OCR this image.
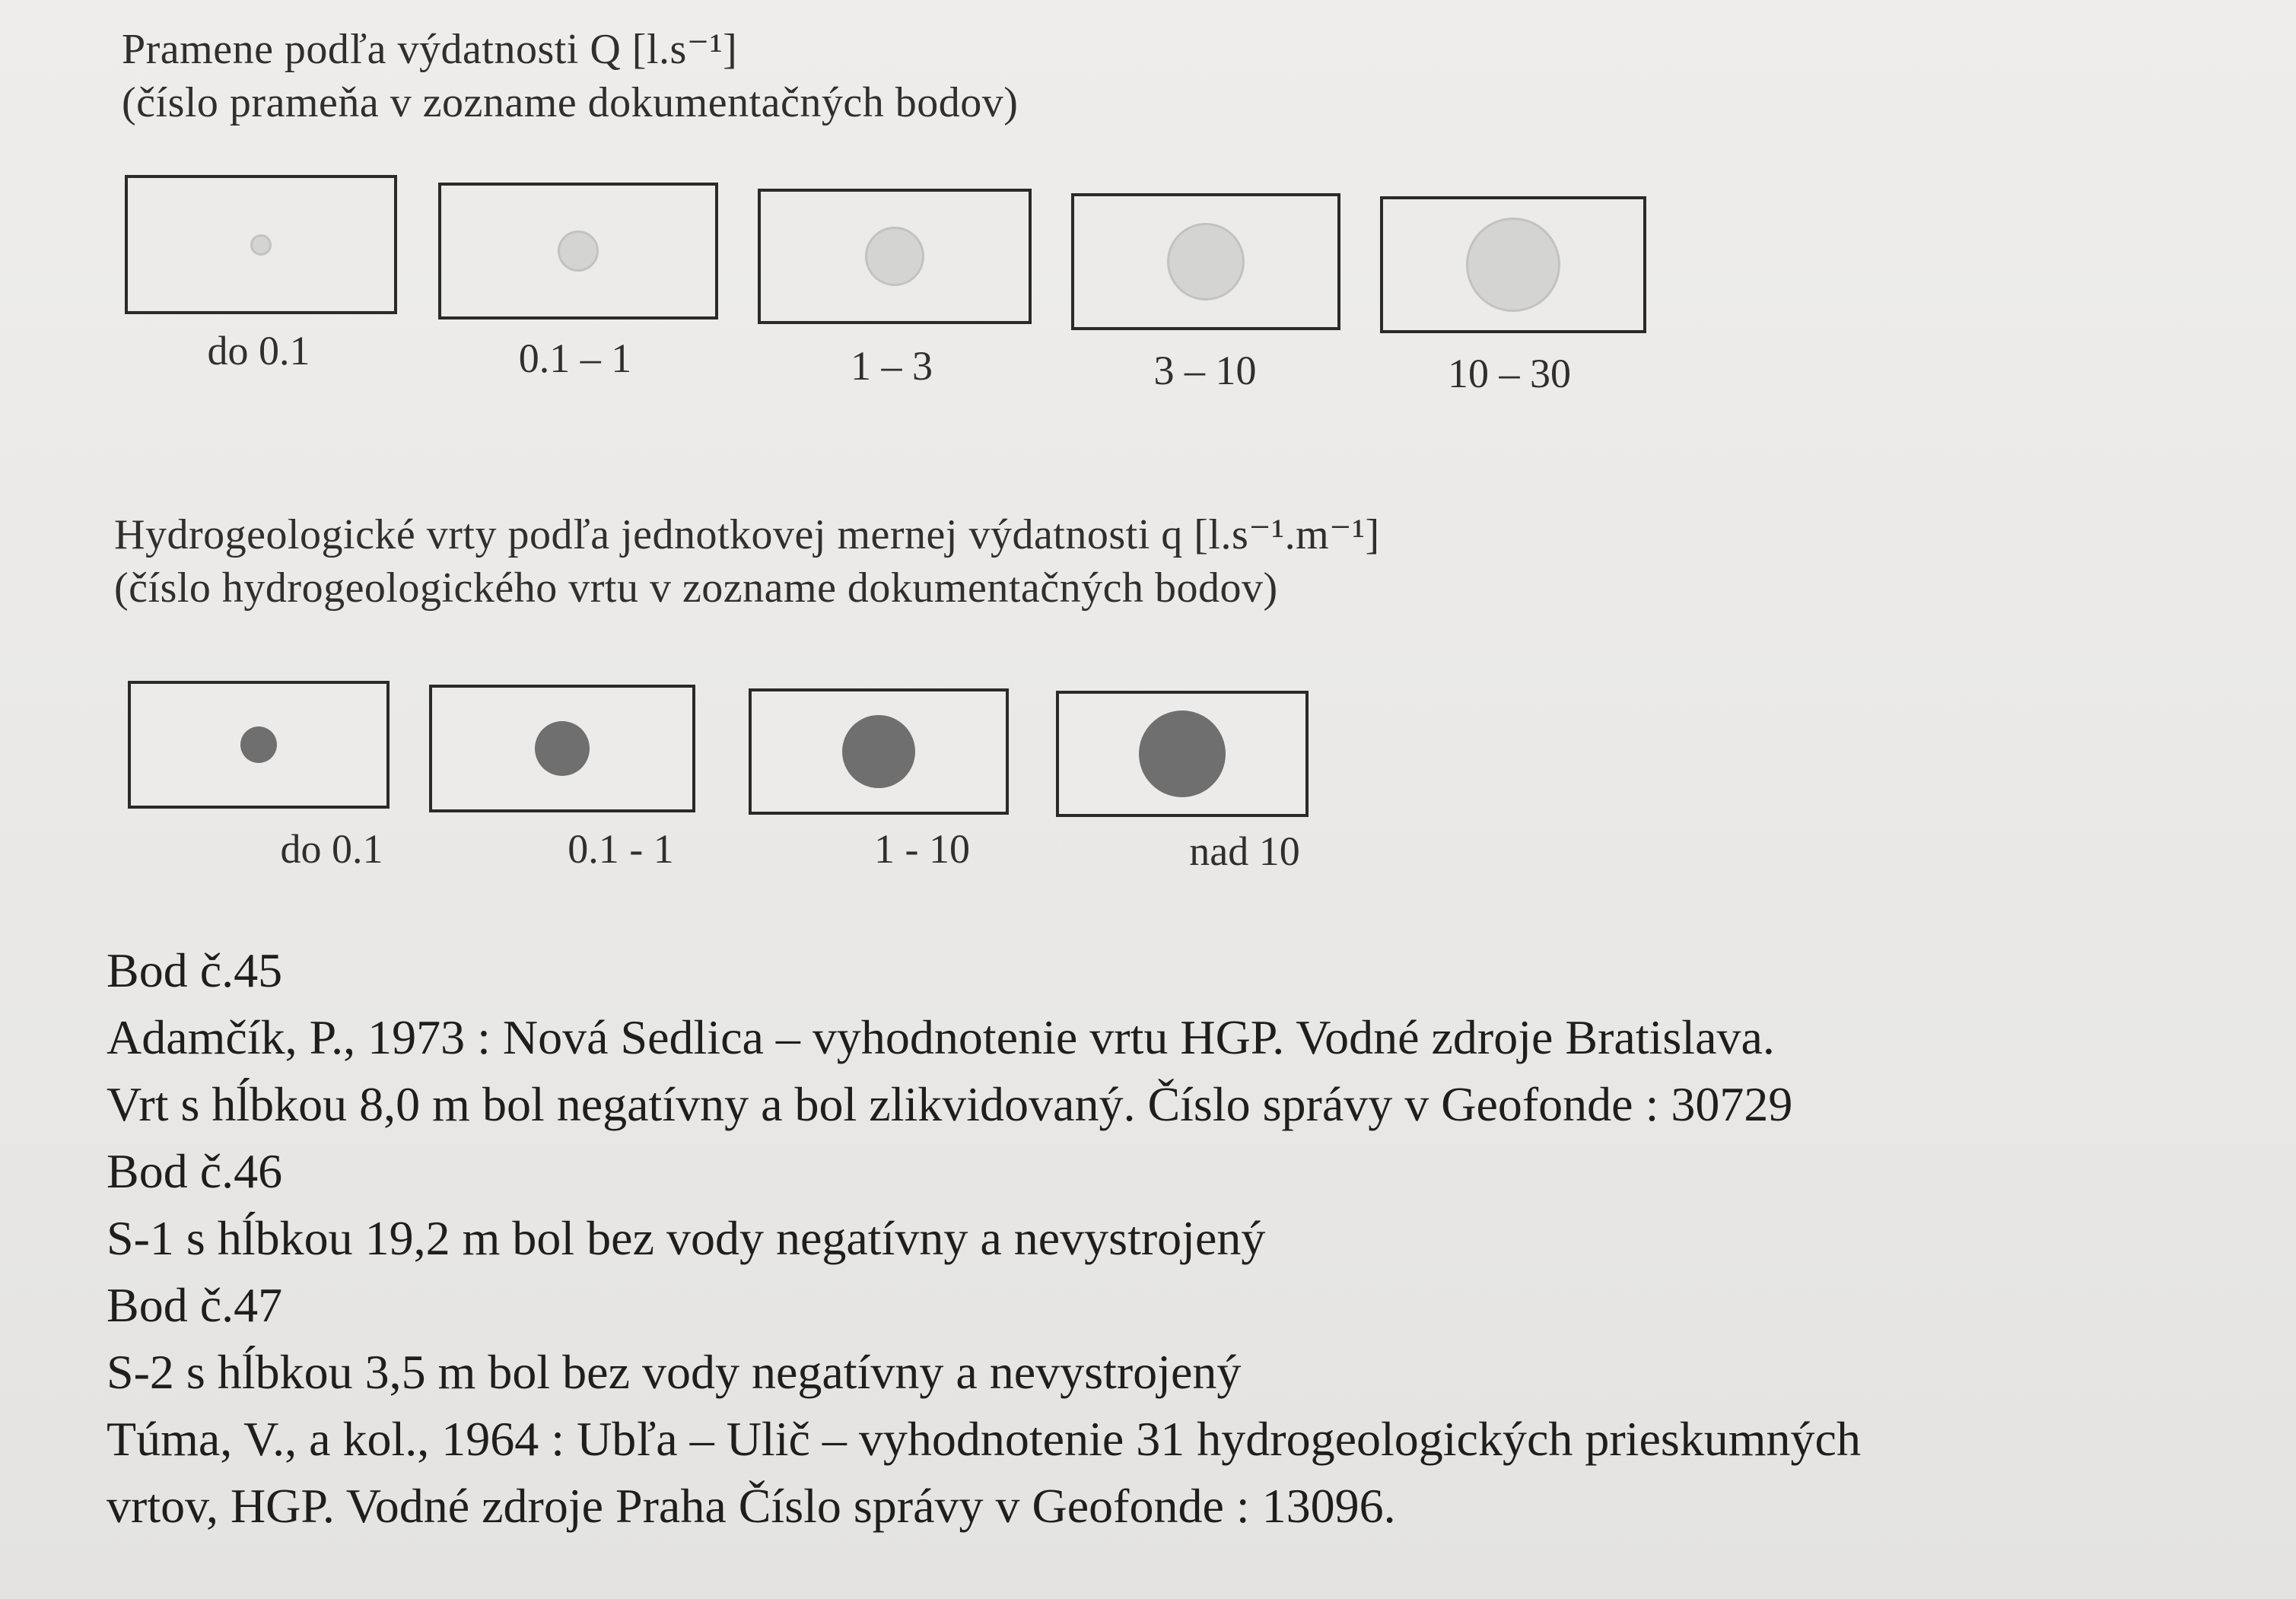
Pramene podľa výdatnosti Q [l.s⁻¹]
(číslo prameňa v zozname dokumentačných bodov)
do 0.1	0.1 – 1	1 – 3	3 – 10	10 – 30
Hydrogeologické vrty podľa jednotkovej mernej výdatnosti q [l.s⁻¹.m⁻¹]
(číslo hydrogeologického vrtu v zozname dokumentačných bodov)
do 0.1	0.1 - 1	1 - 10	nad 10
Bod č.45
Adamčík, P., 1973 : Nová Sedlica – vyhodnotenie vrtu HGP. Vodné zdroje Bratislava.
Vrt s hĺbkou 8,0 m bol negatívny a bol zlikvidovaný. Číslo správy v Geofonde : 30729
Bod č.46
S-1 s hĺbkou 19,2 m bol bez vody negatívny a nevystrojený
Bod č.47
S-2 s hĺbkou 3,5 m bol bez vody negatívny a nevystrojený
Túma, V., a kol., 1964 : Ubľa – Ulič – vyhodnotenie 31 hydrogeologických prieskumných
vrtov, HGP. Vodné zdroje Praha Číslo správy v Geofonde : 13096.
